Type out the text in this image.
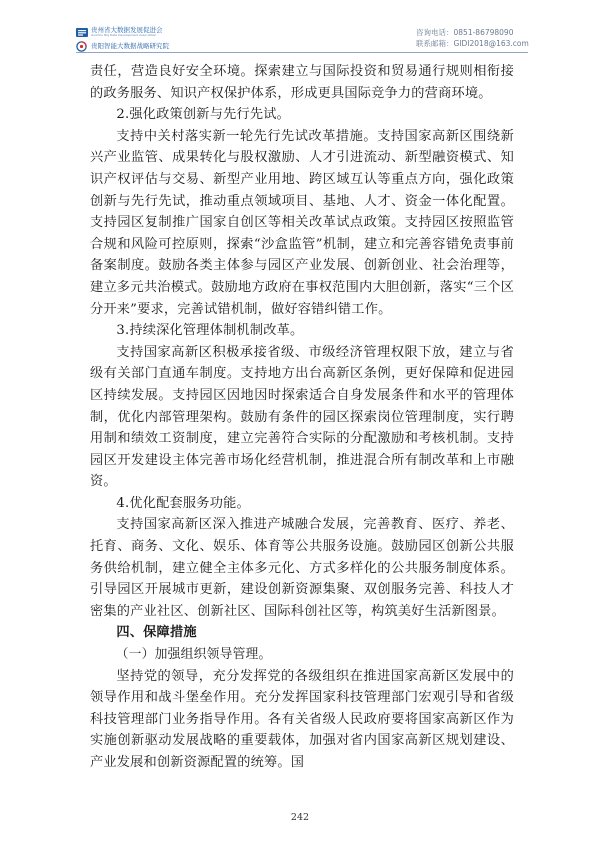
贵州省大数据发展促进会
Guizhou Big Data Development Association
贵阳智能大数据战略研究院
咨询电话：0851-86798090
联系邮箱：GIDI2018@163.com

责任，营造良好安全环境。探索建立与国际投资和贸易通行规则相衔接的政务服务、知识产权保护体系，形成更具国际竞争力的营商环境。

2.强化政策创新与先行先试。

支持中关村落实新一轮先行先试改革措施。支持国家高新区围绕新兴产业监管、成果转化与股权激励、人才引进流动、新型融资模式、知识产权评估与交易、新型产业用地、跨区域互认等重点方向，强化政策创新与先行先试，推动重点领域项目、基地、人才、资金一体化配置。支持园区复制推广国家自创区等相关改革试点政策。支持园区按照监管合规和风险可控原则，探索“沙盒监管”机制，建立和完善容错免责事前备案制度。鼓励各类主体参与园区产业发展、创新创业、社会治理等，建立多元共治模式。鼓励地方政府在事权范围内大胆创新，落实“三个区分开来”要求，完善试错机制，做好容错纠错工作。

3.持续深化管理体制机制改革。

支持国家高新区积极承接省级、市级经济管理权限下放，建立与省级有关部门直通车制度。支持地方出台高新区条例，更好保障和促进园区持续发展。支持园区因地因时探索适合自身发展条件和水平的管理体制，优化内部管理架构。鼓励有条件的园区探索岗位管理制度，实行聘用制和绩效工资制度，建立完善符合实际的分配激励和考核机制。支持园区开发建设主体完善市场化经营机制，推进混合所有制改革和上市融资。

4.优化配套服务功能。

支持国家高新区深入推进产城融合发展，完善教育、医疗、养老、托育、商务、文化、娱乐、体育等公共服务设施。鼓励园区创新公共服务供给机制，建立健全主体多元化、方式多样化的公共服务制度体系。引导园区开展城市更新，建设创新资源集聚、双创服务完善、科技人才密集的产业社区、创新社区、国际科创社区等，构筑美好生活新图景。

四、保障措施

（一）加强组织领导管理。

坚持党的领导，充分发挥党的各级组织在推进国家高新区发展中的领导作用和战斗堡垒作用。充分发挥国家科技管理部门宏观引导和省级科技管理部门业务指导作用。各有关省级人民政府要将国家高新区作为实施创新驱动发展战略的重要载体，加强对省内国家高新区规划建设、产业发展和创新资源配置的统筹。国

242
